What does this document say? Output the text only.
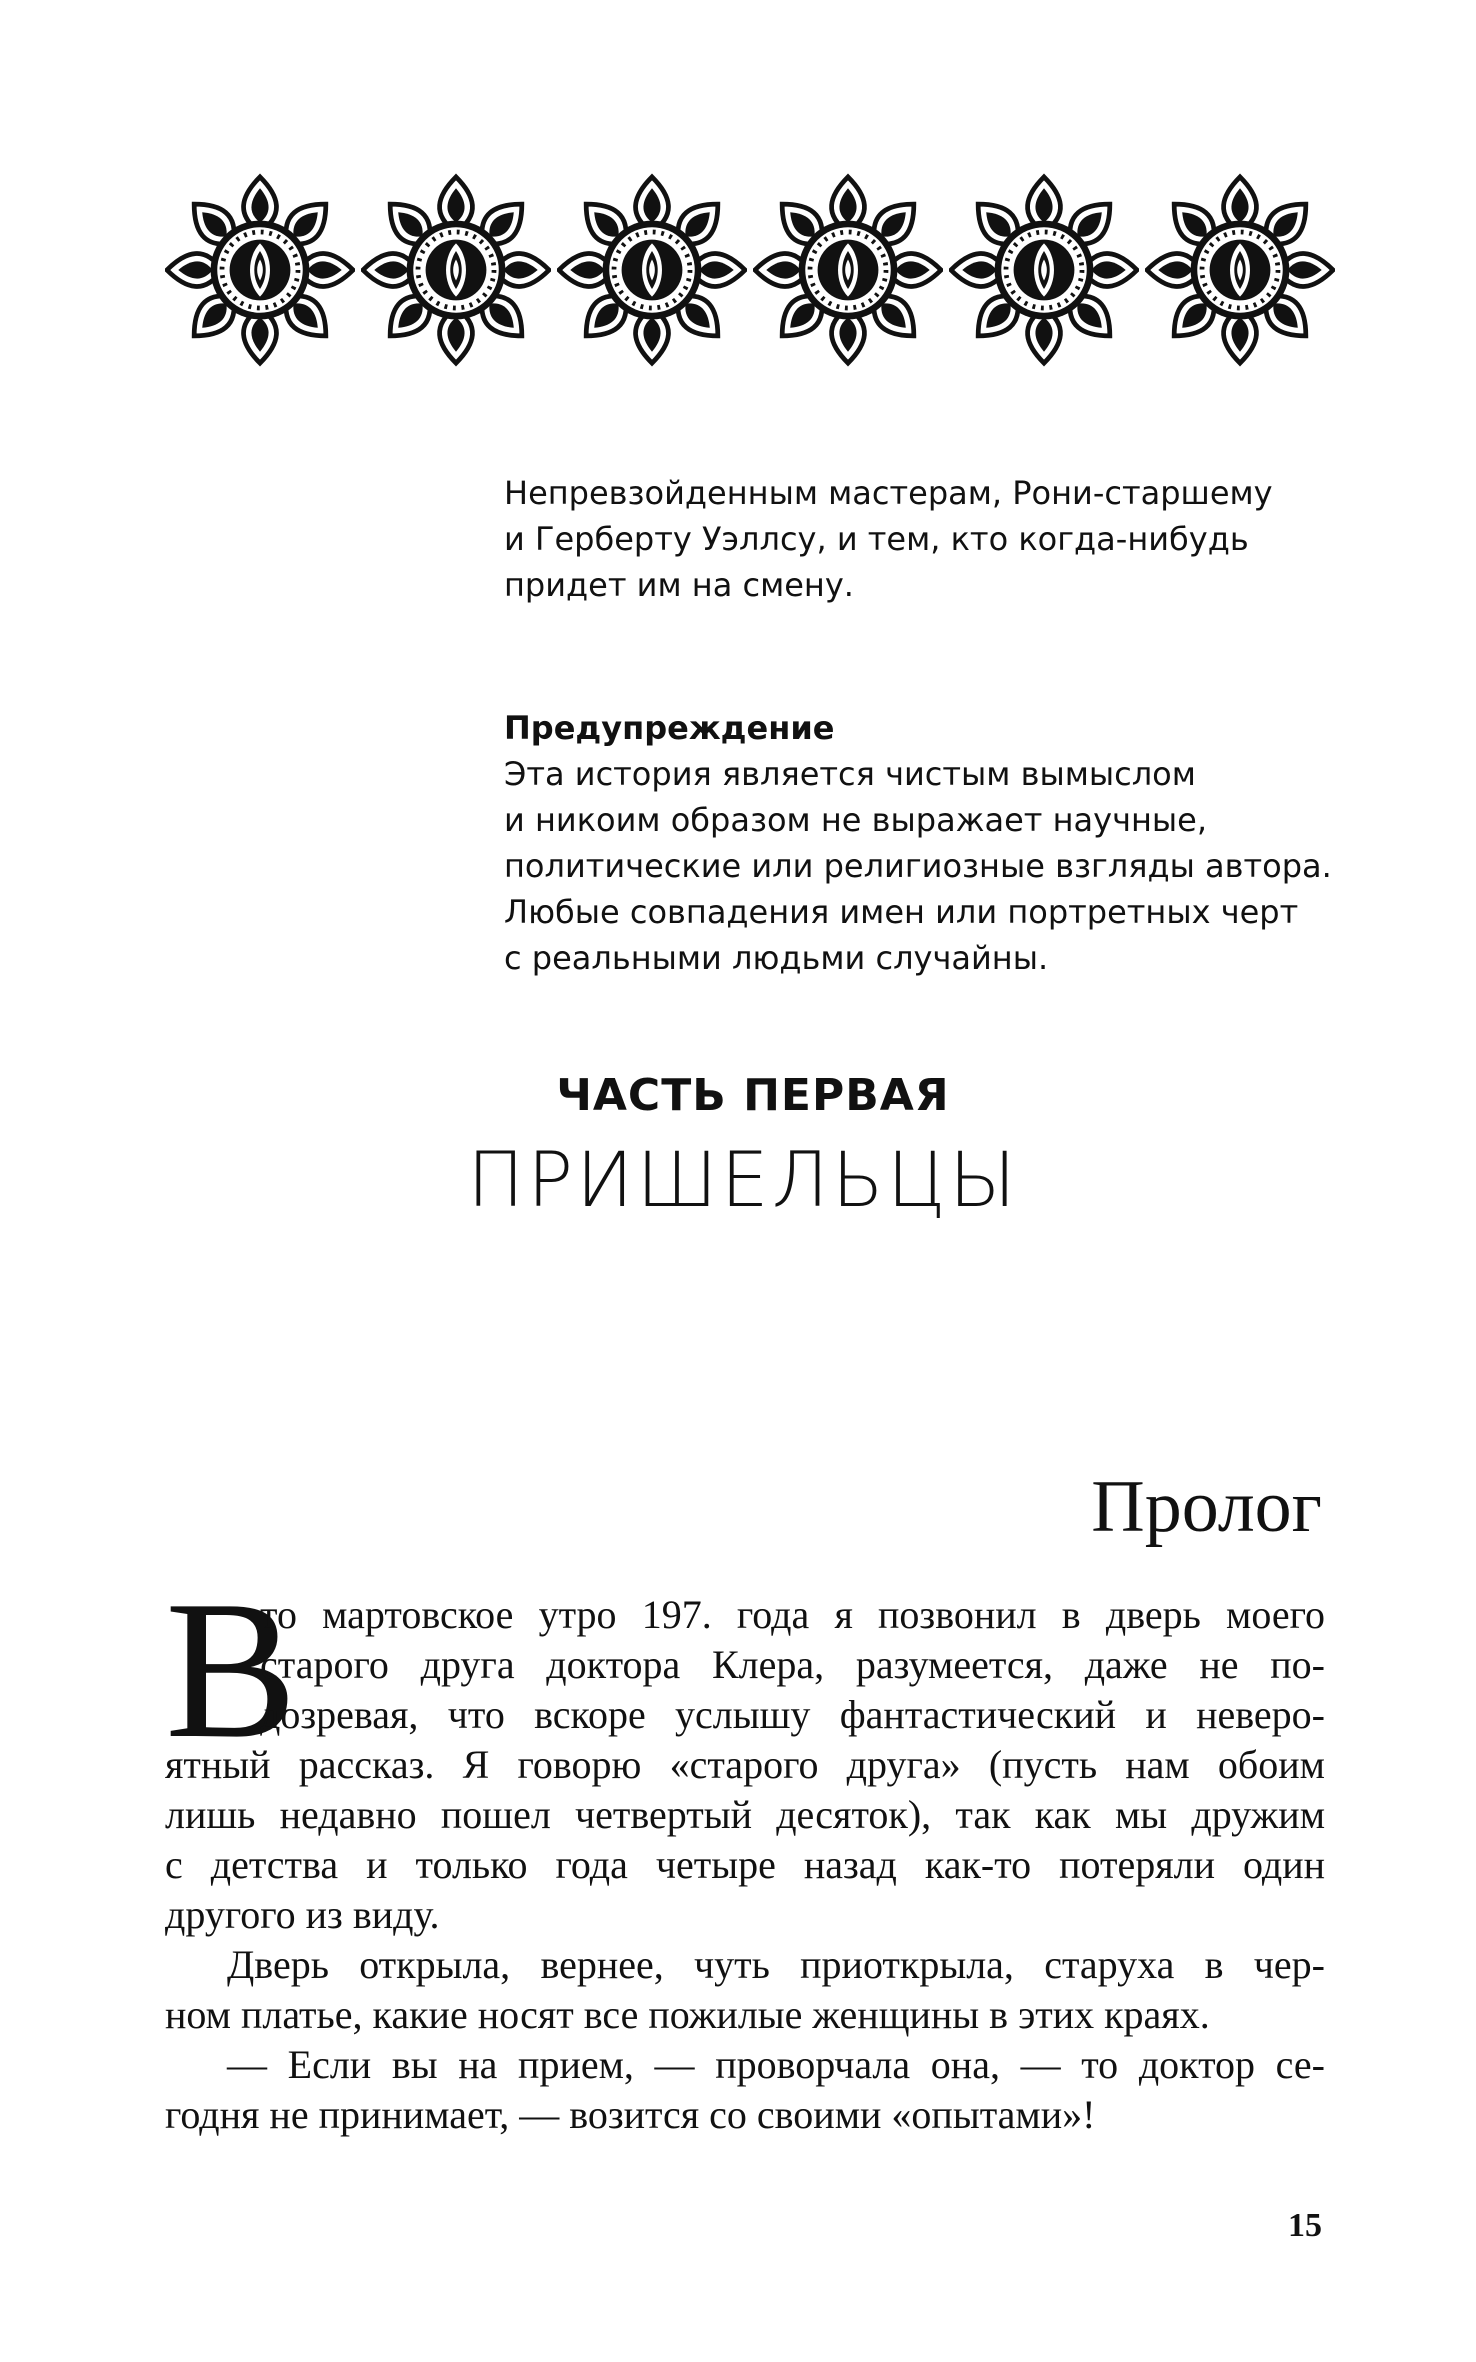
Непревзойденным мастерам, Рони-старшему
и Герберту Уэллсу, и тем, кто когда-нибудь
придет им на смену.
Предупреждение
Эта история является чистым вымыслом
и никоим образом не выражает научные,
политические или религиозные взгляды автора.
Любые совпадения имен или портретных черт
с реальными людьми случайны.
ЧАСТЬ ПЕРВАЯ
ПРИШЕЛЬЦЫ
Пролог
В
то мартовское утро 197. года я позвонил в дверь моего
старого друга доктора Клера, разумеется, даже не по-
дозревая, что вскоре услышу фантастический и неверо-
ятный рассказ. Я говорю «старого друга» (пусть нам обоим
лишь недавно пошел четвертый десяток), так как мы дружим
с детства и только года четыре назад как-то потеряли один
другого из виду.
Дверь открыла, вернее, чуть приоткрыла, старуха в чер-
ном платье, какие носят все пожилые женщины в этих краях.
— Если вы на прием, — проворчала она, — то доктор се-
годня не принимает, — возится со своими «опытами»!
15
